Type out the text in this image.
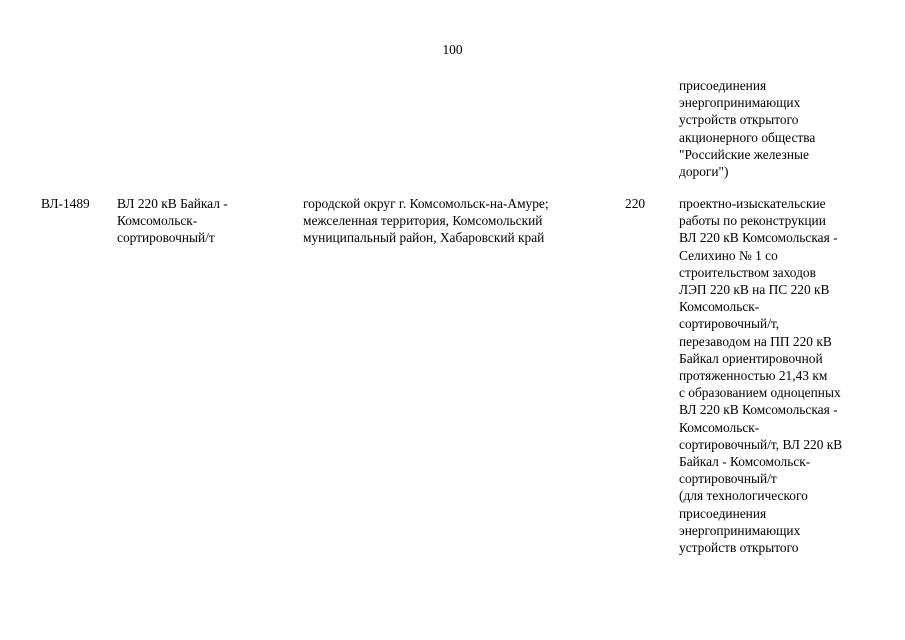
100
присоединения
энергопринимающих
устройств открытого
акционерного общества
"Российские железные
дороги")
ВЛ-1489 ВЛ 220 кВ Байкал -
Комсомольск-
сортировочный/т
городской округ г. Комсомольск-на-Амуре;
межселенная территория, Комсомольский
муниципальный район, Хабаровский край
220	проектно-изыскательские
работы по реконструкции
ВЛ 220 кВ Комсомольская -
Селихино № 1 со
строительством заходов
ЛЭП 220 кВ на ПС 220 кВ
Комсомольск-
сортировочный/т,
перезаводом на ПП 220 кВ
Байкал ориентировочной
протяженностью 21,43 км
с образованием одноцепных
ВЛ 220 кВ Комсомольская -
Комсомольск-
сортировочный/т, ВЛ 220 кВ
Байкал - Комсомольск-
сортировочный/т
(для технологического
присоединения
энергопринимающих
устройств открытого
